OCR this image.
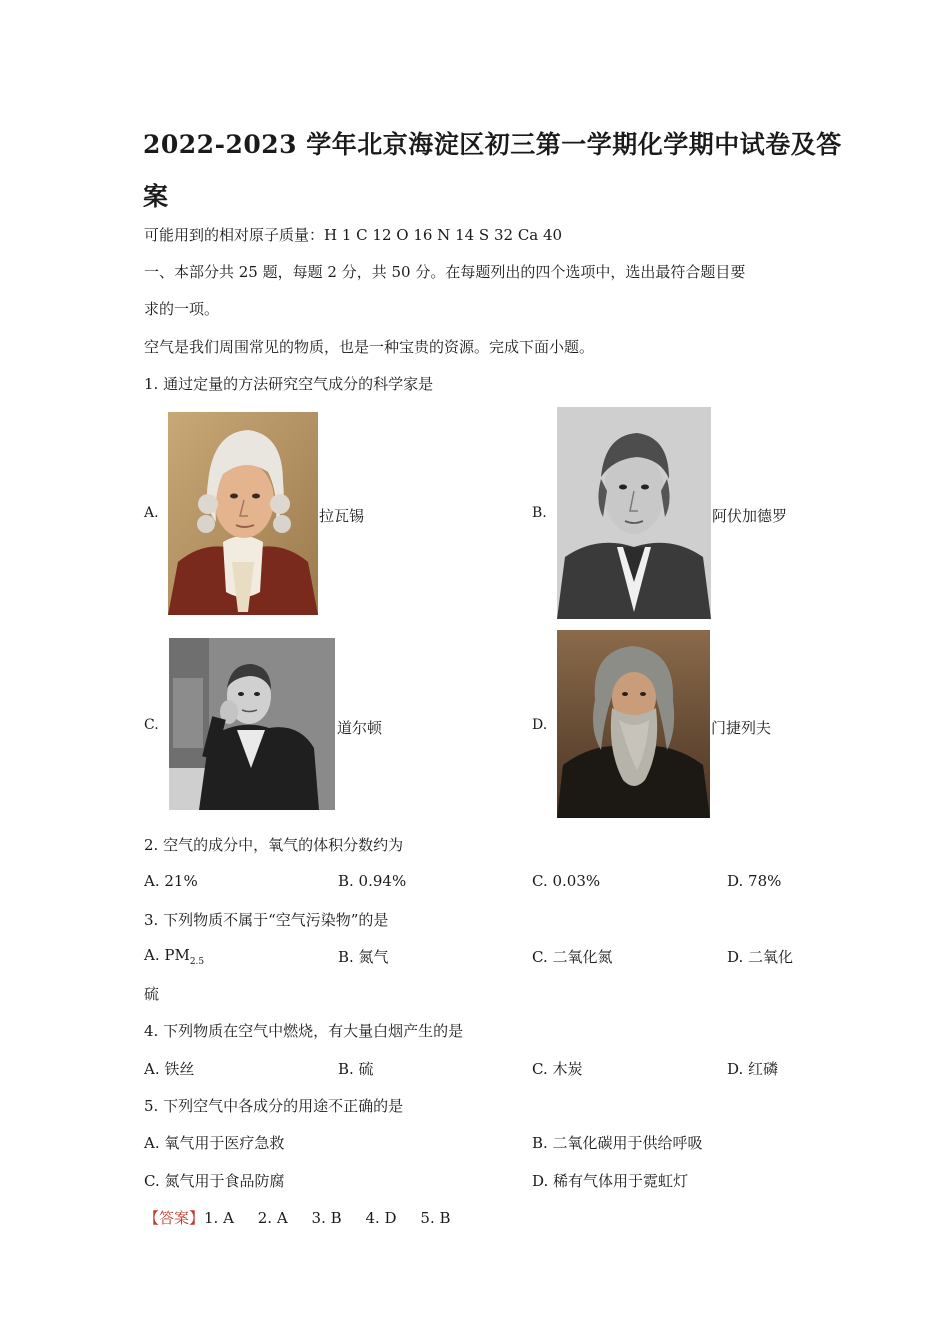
2022-2023 学年北京海淀区初三第一学期化学期中试卷及答
案
可能用到的相对原子质量：H 1 C 12 O 16 N 14 S 32 Ca 40
一、本部分共 25 题，每题 2 分，共 50 分。在每题列出的四个选项中，选出最符合题目要
求的一项。
空气是我们周围常见的物质，也是一种宝贵的资源。完成下面小题。
1. 通过定量的方法研究空气成分的科学家是
A.	拉瓦锡	B.	阿伏加德罗
C.	道尔顿	D.	门捷列夫
2. 空气的成分中，氧气的体积分数约为
A. 21%	B. 0.94%	C. 0.03%	D. 78%
3. 下列物质不属于“空气污染物”的是
A. $PM_{2.5}$	B. 氮气	C. 二氧化氮	D. 二氧化
硫
4. 下列物质在空气中燃烧，有大量白烟产生的是
A. 铁丝	B. 硫	C. 木炭	D. 红磷
5. 下列空气中各成分的用途不正确的是
A. 氧气用于医疗急救	B. 二氧化碳用于供给呼吸
C. 氮气用于食品防腐	D. 稀有气体用于霓虹灯
【答案】1. A     2. A     3. B     4. D     5. B
